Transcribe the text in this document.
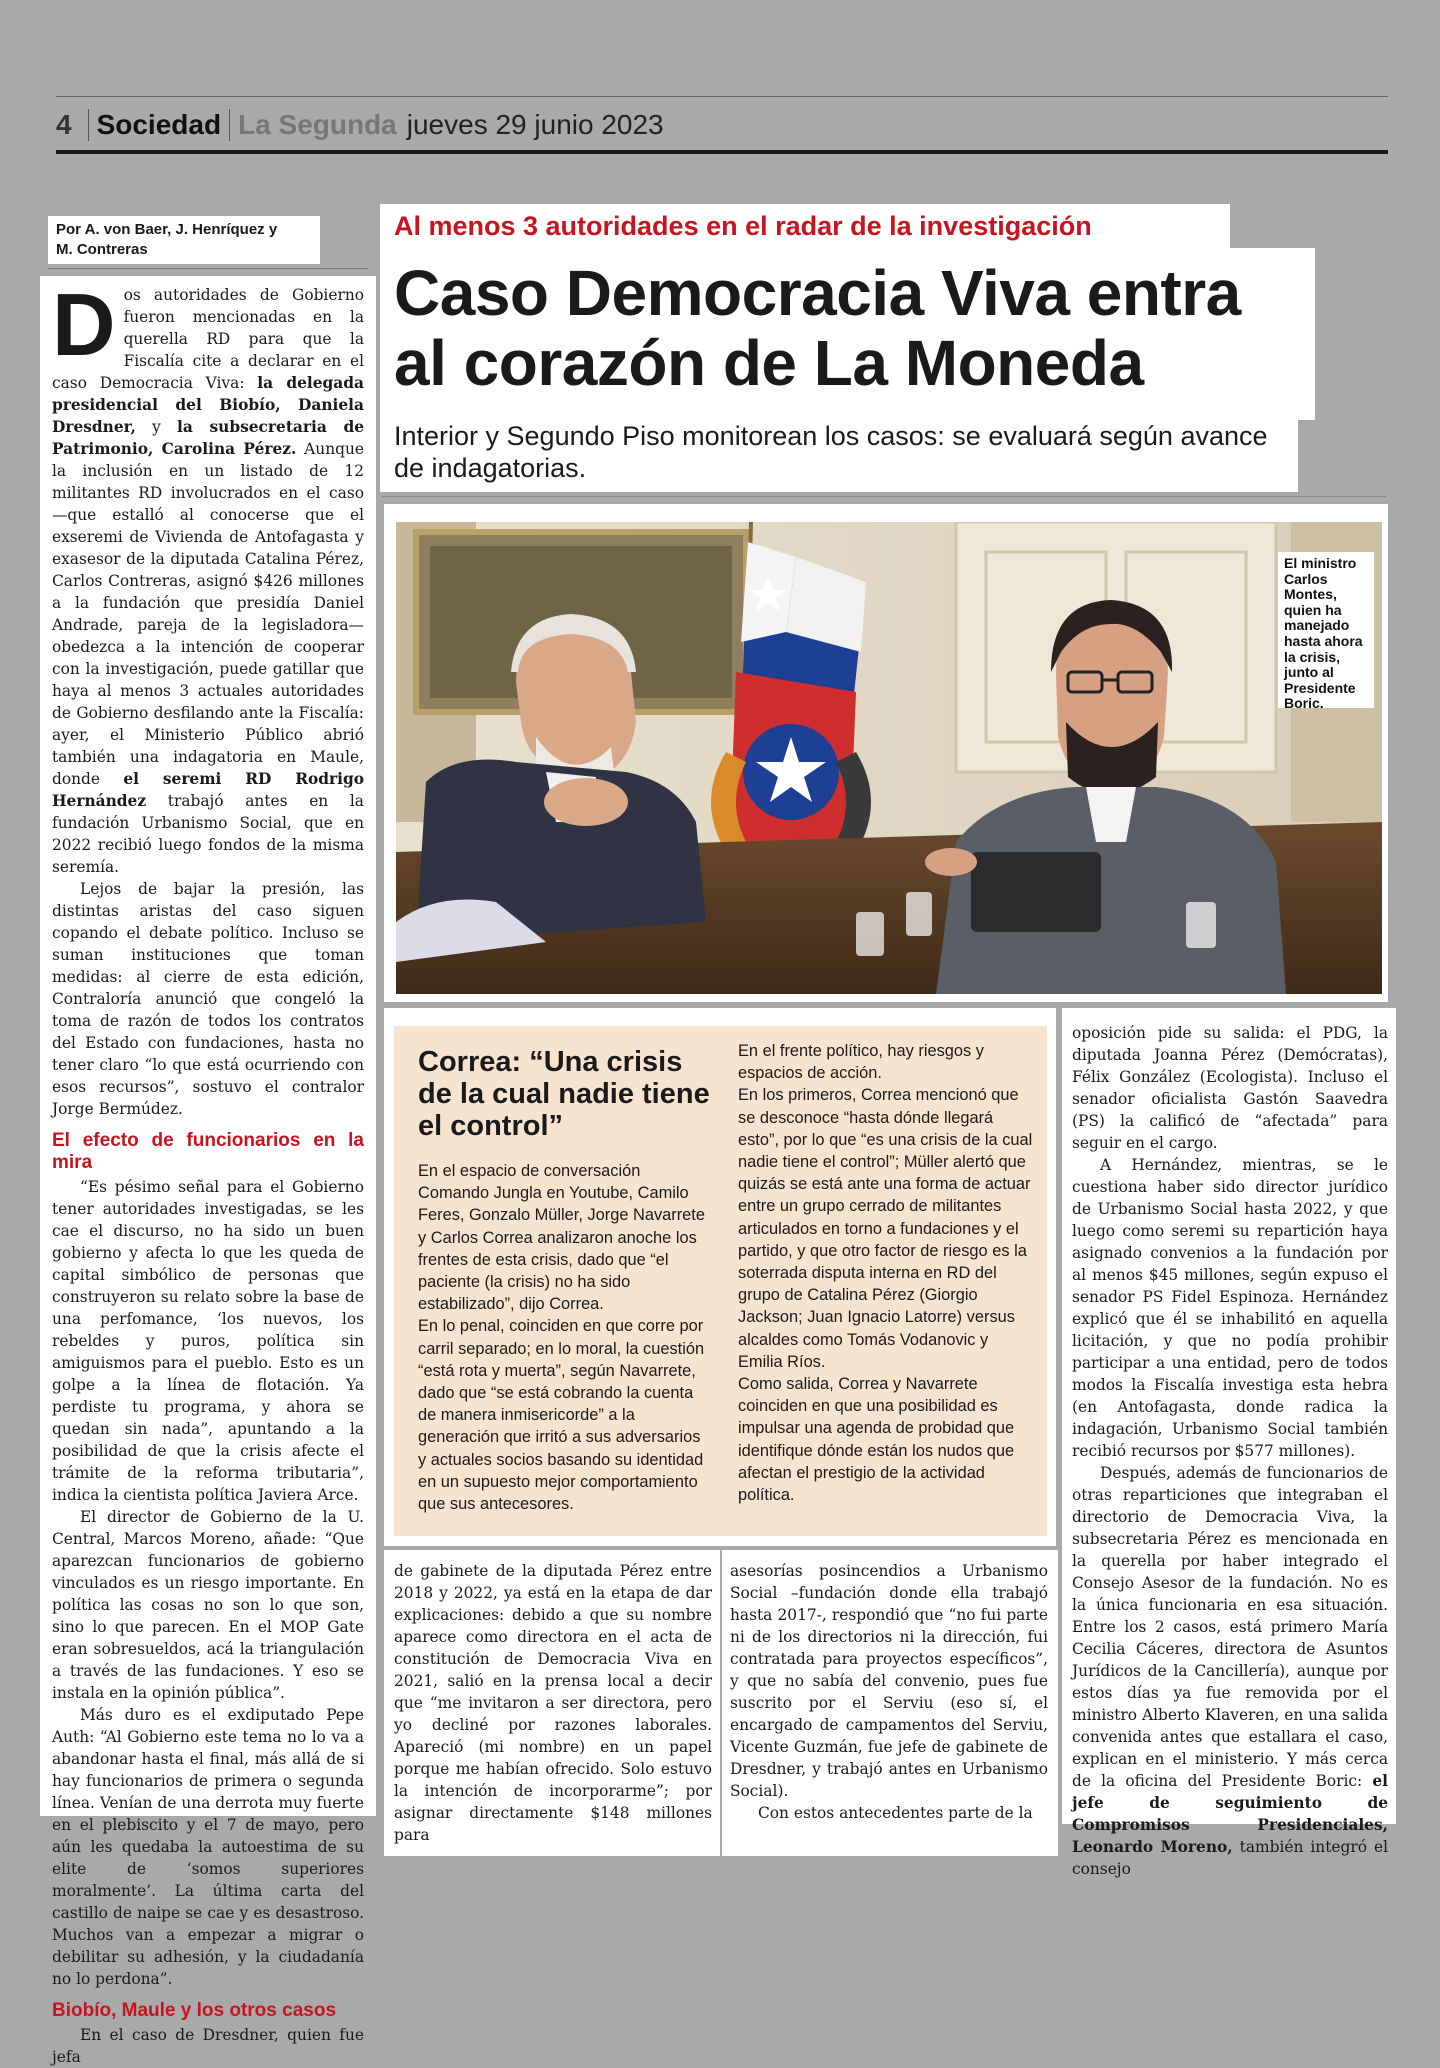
4 Sociedad La Segunda jueves 29 junio 2023
Por A. von Baer, J. Henríquez y
M. Contreras

Dos autoridades de Gobierno fueron mencionadas en la querella RD para que la Fiscalía cite a declarar en el caso Democracia Viva: la delegada presidencial del Biobío, Daniela Dresdner, y la subsecretaria de Patrimonio, Carolina Pérez. Aunque la inclusión en un listado de 12 militantes RD involucrados en el caso —que estalló al conocerse que el exseremi de Vivienda de Antofagasta y exasesor de la diputada Catalina Pérez, Carlos Contreras, asignó $426 millones a la fundación que presidía Daniel Andrade, pareja de la legisladora— obedezca a la intención de cooperar con la investigación, puede gatillar que haya al menos 3 actuales autoridades de Gobierno desfilando ante la Fiscalía: ayer, el Ministerio Público abrió también una indagatoria en Maule, donde el seremi RD Rodrigo Hernández trabajó antes en la fundación Urbanismo Social, que en 2022 recibió luego fondos de la misma seremía.

Lejos de bajar la presión, las distintas aristas del caso siguen copando el debate político. Incluso se suman instituciones que toman medidas: al cierre de esta edición, Contraloría anunció que congeló la toma de razón de todos los contratos del Estado con fundaciones, hasta no tener claro “lo que está ocurriendo con esos recursos”, sostuvo el contralor Jorge Bermúdez.

El efecto de funcionarios en la mira

“Es pésimo señal para el Gobierno tener autoridades investigadas, se les cae el discurso, no ha sido un buen gobierno y afecta lo que les queda de capital simbólico de personas que construyeron su relato sobre la base de una perfomance, ‘los nuevos, los rebeldes y puros, política sin amiguismos para el pueblo. Esto es un golpe a la línea de flotación. Ya perdiste tu programa, y ahora se quedan sin nada”, apuntando a la posibilidad de que la crisis afecte el trámite de la reforma tributaria”, indica la cientista política Javiera Arce.

El director de Gobierno de la U. Central, Marcos Moreno, añade: “Que aparezcan funcionarios de gobierno vinculados es un riesgo importante. En política las cosas no son lo que son, sino lo que parecen. En el MOP Gate eran sobresueldos, acá la triangulación a través de las fundaciones. Y eso se instala en la opinión pública”.

Más duro es el exdiputado Pepe Auth: “Al Gobierno este tema no lo va a abandonar hasta el final, más allá de si hay funcionarios de primera o segunda línea. Venían de una derrota muy fuerte en el plebiscito y el 7 de mayo, pero aún les quedaba la autoestima de su elite de ‘somos superiores moralmente’. La última carta del castillo de naipe se cae y es desastroso. Muchos van a empezar a migrar o debilitar su adhesión, y la ciudadanía no lo perdona”.

Biobío, Maule y los otros casos

En el caso de Dresdner, quien fue jefa

Al menos 3 autoridades en el radar de la investigación
Caso Democracia Viva entra
al corazón de La Moneda
Interior y Segundo Piso monitorean los casos: se evaluará según avance de indagatorias.
El ministro Carlos Montes, quien ha manejado hasta ahora la crisis, junto al Presidente Boric.
Correa: “Una crisis de la cual nadie tiene el control”
En el espacio de conversación Comando Jungla en Youtube, Camilo Feres, Gonzalo Müller, Jorge Navarrete y Carlos Correa analizaron anoche los frentes de esta crisis, dado que “el paciente (la crisis) no ha sido estabilizado”, dijo Correa.
En lo penal, coinciden en que corre por carril separado; en lo moral, la cuestión “está rota y muerta”, según Navarrete, dado que “se está cobrando la cuenta de manera inmisericorde” a la generación que irritó a sus adversarios y actuales socios basando su identidad en un supuesto mejor comportamiento que sus antecesores.
En el frente político, hay riesgos y espacios de acción.
En los primeros, Correa mencionó que se desconoce “hasta dónde llegará esto”, por lo que “es una crisis de la cual nadie tiene el control”; Müller alertó que quizás se está ante una forma de actuar entre un grupo cerrado de militantes articulados en torno a fundaciones y el partido, y que otro factor de riesgo es la soterrada disputa interna en RD del grupo de Catalina Pérez (Giorgio Jackson; Juan Ignacio Latorre) versus alcaldes como Tomás Vodanovic y Emilia Ríos.
Como salida, Correa y Navarrete coinciden en que una posibilidad es impulsar una agenda de probidad que identifique dónde están los nudos que afectan el prestigio de la actividad política.

oposición pide su salida: el PDG, la diputada Joanna Pérez (Demócratas), Félix González (Ecologista). Incluso el senador oficialista Gastón Saavedra (PS) la calificó de “afectada” para seguir en el cargo.

A Hernández, mientras, se le cuestiona haber sido director jurídico de Urbanismo Social hasta 2022, y que luego como seremi su repartición haya asignado convenios a la fundación por al menos $45 millones, según expuso el senador PS Fidel Espinoza. Hernández explicó que él se inhabilitó en aquella licitación, y que no podía prohibir participar a una entidad, pero de todos modos la Fiscalía investiga esta hebra (en Antofagasta, donde radica la indagación, Urbanismo Social también recibió recursos por $577 millones).

Después, además de funcionarios de otras reparticiones que integraban el directorio de Democracia Viva, la subsecretaria Pérez es mencionada en la querella por haber integrado el Consejo Asesor de la fundación. No es la única funcionaria en esa situación. Entre los 2 casos, está primero María Cecilia Cáceres, directora de Asuntos Jurídicos de la Cancillería), aunque por estos días ya fue removida por el ministro Alberto Klaveren, en una salida convenida antes que estallara el caso, explican en el ministerio. Y más cerca de la oficina del Presidente Boric: el jefe de seguimiento de Compromisos Presidenciales, Leonardo Moreno, también integró el consejo

de gabinete de la diputada Pérez entre 2018 y 2022, ya está en la etapa de dar explicaciones: debido a que su nombre aparece como directora en el acta de constitución de Democracia Viva en 2021, salió en la prensa local a decir que “me invitaron a ser directora, pero yo decliné por razones laborales. Apareció (mi nombre) en un papel porque me habían ofrecido. Solo estuvo la intención de incorporarme”; por asignar directamente $148 millones para

asesorías posincendios a Urbanismo Social –fundación donde ella trabajó hasta 2017-, respondió que “no fui parte ni de los directorios ni la dirección, fui contratada para proyectos específicos”, y que no sabía del convenio, pues fue suscrito por el Serviu (eso sí, el encargado de campamentos del Serviu, Vicente Guzmán, fue jefe de gabinete de Dresdner, y trabajó antes en Urbanismo Social).

Con estos antecedentes parte de la
